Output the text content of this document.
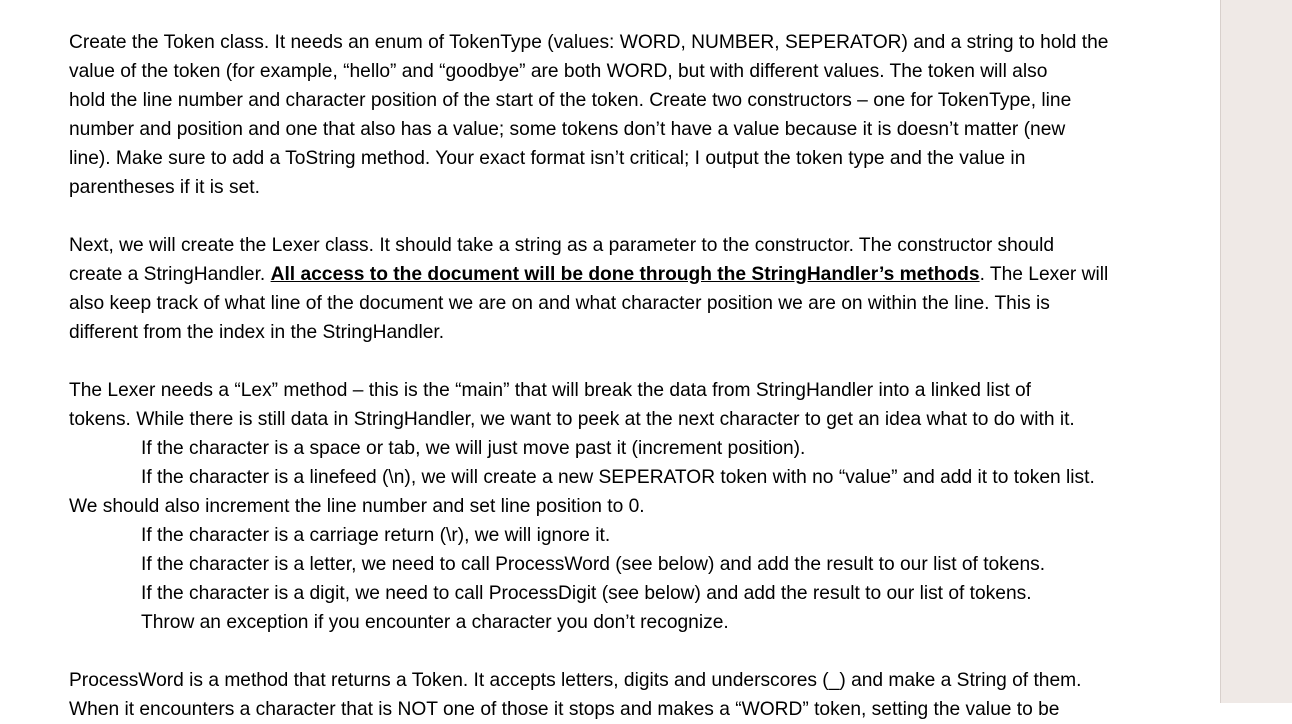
Create the Token class. It needs an enum of TokenType (values: WORD, NUMBER, SEPERATOR) and a string to hold the
value of the token (for example, “hello” and “goodbye” are both WORD, but with different values. The token will also
hold the line number and character position of the start of the token. Create two constructors – one for TokenType, line
number and position and one that also has a value; some tokens don’t have a value because it is doesn’t matter (new
line). Make sure to add a ToString method. Your exact format isn’t critical; I output the token type and the value in
parentheses if it is set.

Next, we will create the Lexer class. It should take a string as a parameter to the constructor. The constructor should
create a StringHandler. All access to the document will be done through the StringHandler’s methods. The Lexer will
also keep track of what line of the document we are on and what character position we are on within the line. This is
different from the index in the StringHandler.

The Lexer needs a “Lex” method – this is the “main” that will break the data from StringHandler into a linked list of
tokens. While there is still data in StringHandler, we want to peek at the next character to get an idea what to do with it.

If the character is a space or tab, we will just move past it (increment position).

If the character is a linefeed (\n), we will create a new SEPERATOR token with no “value” and add it to token list.
We should also increment the line number and set line position to 0.

If the character is a carriage return (\r), we will ignore it.

If the character is a letter, we need to call ProcessWord (see below) and add the result to our list of tokens.

If the character is a digit, we need to call ProcessDigit (see below) and add the result to our list of tokens.

Throw an exception if you encounter a character you don’t recognize.

ProcessWord is a method that returns a Token. It accepts letters, digits and underscores (_) and make a String of them.
When it encounters a character that is NOT one of those it stops and makes a “WORD” token, setting the value to be
